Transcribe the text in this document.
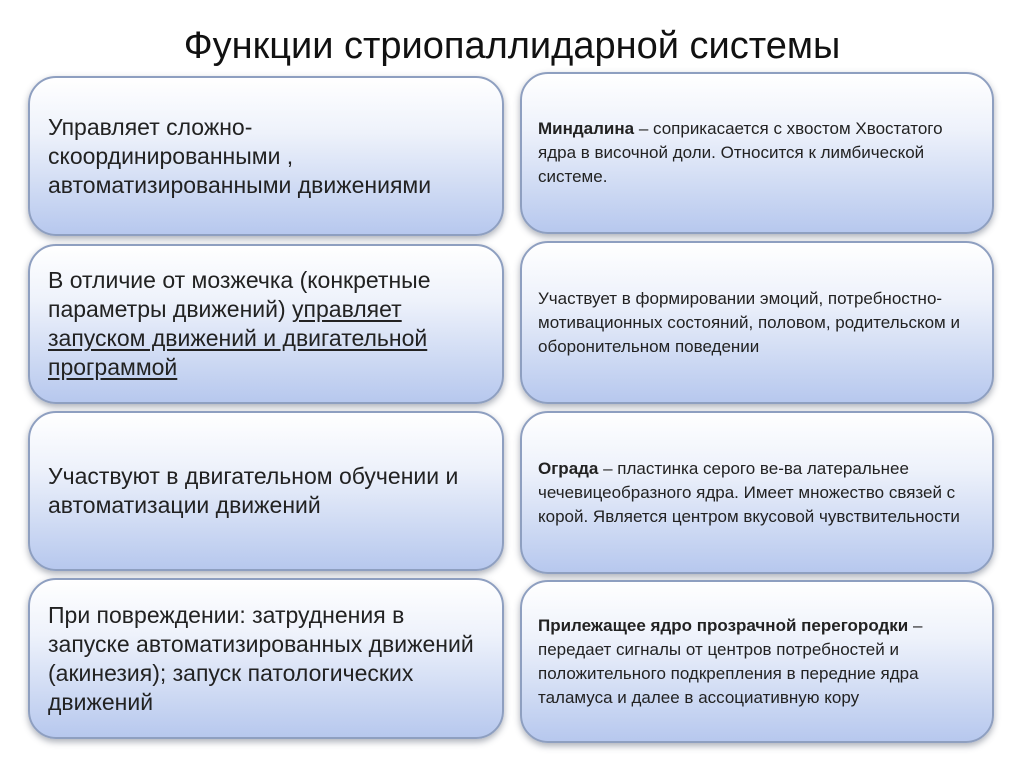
Функции стриопаллидарной системы
Управляет сложно-скоординированными , автоматизированными движениями
В отличие от мозжечка (конкретные параметры движений) управляет запуском движений и двигательной программой
Участвуют в двигательном обучении и автоматизации движений
При повреждении: затруднения в запуске автоматизированных движений (акинезия); запуск патологических движений
Миндалина – соприкасается с хвостом Хвостатого ядра в височной доли. Относится к лимбической системе.
Участвует в формировании эмоций, потребностно-мотивационных состояний, половом, родительском и оборонительном поведении
Ограда – пластинка серого ве-ва латеральнее чечевицеобразного ядра. Имеет множество связей с корой. Является центром вкусовой чувствительности
Прилежащее ядро прозрачной перегородки – передает сигналы от центров потребностей и положительного подкрепления в передние ядра таламуса и далее в ассоциативную кору
